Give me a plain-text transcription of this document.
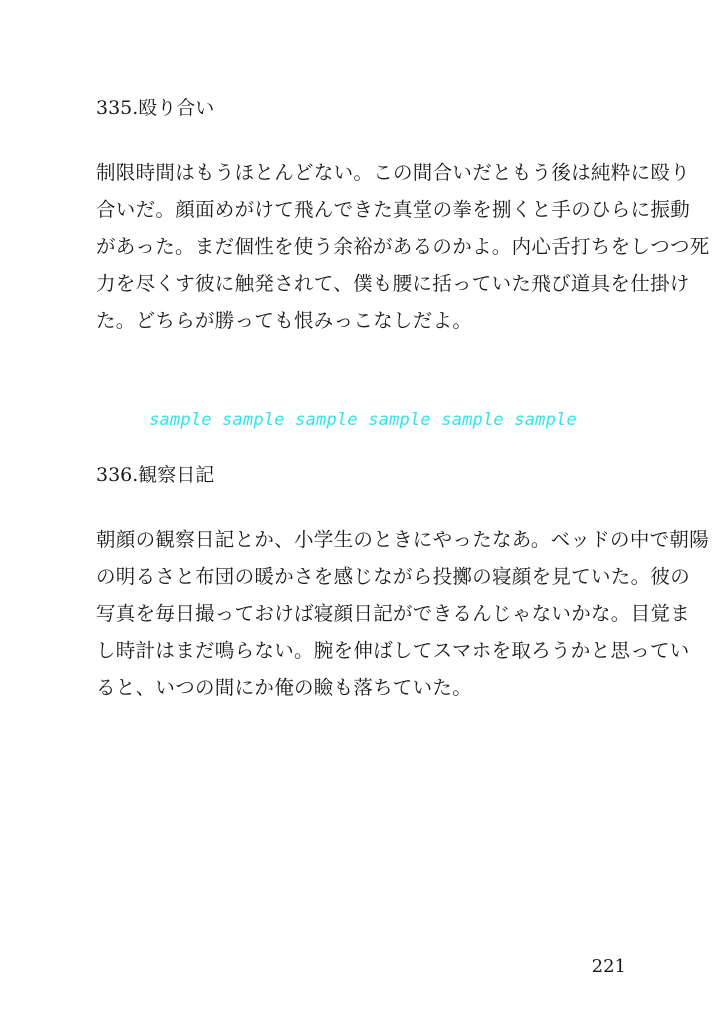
335.殴り合い

制限時間はもうほとんどない。この間合いだともう後は純粋に殴り
合いだ。顔面めがけて飛んできた真堂の拳を捌くと手のひらに振動
があった。まだ個性を使う余裕があるのかよ。内心舌打ちをしつつ死
力を尽くす彼に触発されて、僕も腰に括っていた飛び道具を仕掛け
た。どちらが勝っても恨みっこなしだよ。

sample sample sample sample sample sample
336.観察日記

朝顔の観察日記とか、小学生のときにやったなあ。ベッドの中で朝陽
の明るさと布団の暖かさを感じながら投擲の寝顔を見ていた。彼の
写真を毎日撮っておけば寝顔日記ができるんじゃないかな。目覚ま
し時計はまだ鳴らない。腕を伸ばしてスマホを取ろうかと思ってい
ると、いつの間にか俺の瞼も落ちていた。

221
